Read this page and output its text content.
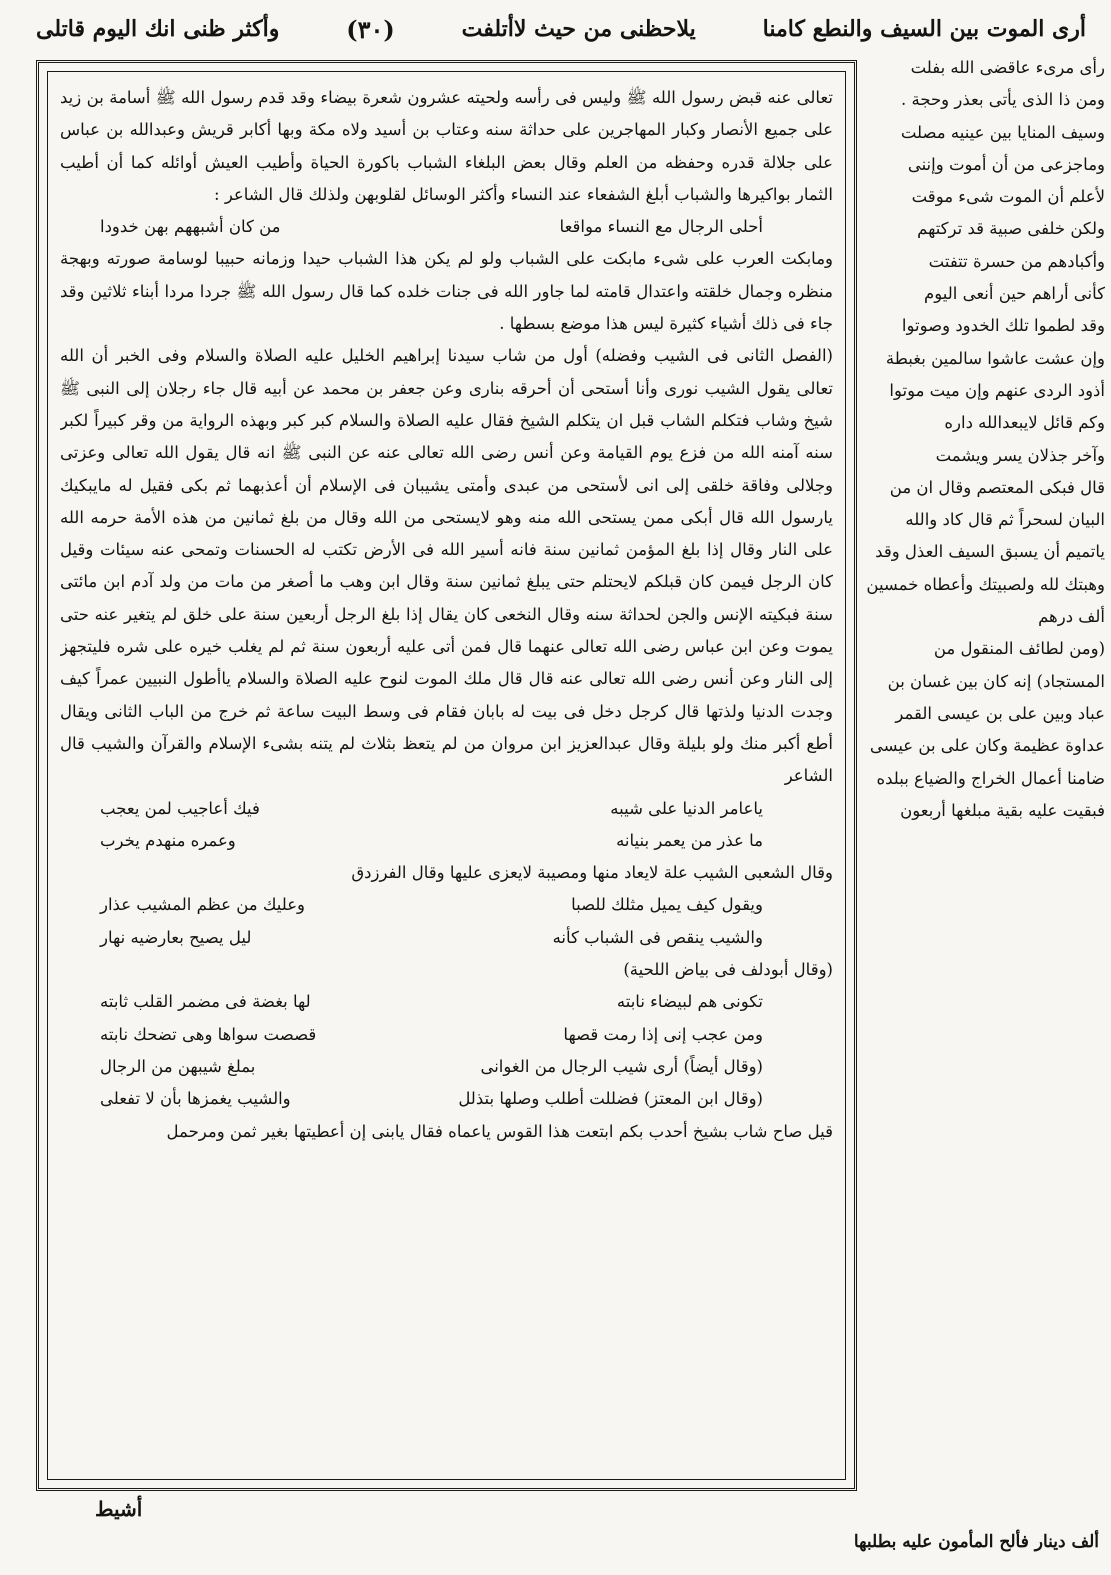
أرى الموت بين السيف والنطع كامنا
يلاحظنى من حيث لاأتلفت
(٣٠)
وأكثر ظنى انك اليوم قاتلى

رأى مرىء عاقضى الله بفلت

ومن ذا الذى يأتى بعذر وحجة .

وسيف المنايا بين عينيه مصلت

وماجزعى من أن أموت وإننى

لأعلم أن الموت شىء موقت

ولكن خلفى صبية قد تركتهم

وأكبادهم من حسرة تتفتت

كأنى أراهم حين أنعى اليوم

وقد لطموا تلك الخدود وصوتوا

وإن عشت عاشوا سالمين بغبطة

أذود الردى عنهم وإن ميت موتوا

وكم قائل لايبعدالله داره

وآخر جذلان يسر ويشمت

قال فبكى المعتصم وقال ان من البيان لسحراً ثم قال كاد والله ياتميم أن يسبق السيف العذل وقد وهبتك لله ولصبيتك وأعطاه خمسين ألف درهم

(ومن لطائف المنقول من المستجاد) إنه كان بين غسان بن عباد وبين على بن عيسى القمر عداوة عظيمة وكان على بن عيسى ضامنا أعمال الخراج والضياع ببلده فبقيت عليه بقية مبلغها أربعون

تعالى عنه قبض رسول الله ﷺ وليس فى رأسه ولحيته عشرون شعرة بيضاء وقد قدم رسول الله ﷺ أسامة بن زيد على جميع الأنصار وكبار المهاجرين على حداثة سنه وعتاب بن أسيد ولاه مكة وبها أكابر قريش وعبدالله بن عباس على جلالة قدره وحفظه من العلم وقال بعض البلغاء الشباب باكورة الحياة وأطيب العيش أوائله كما أن أطيب الثمار بواكيرها والشباب أبلغ الشفعاء عند النساء وأكثر الوسائل لقلوبهن ولذلك قال الشاعر :

أحلى الرجال مع النساء مواقعا
من كان أشبههم بهن خدودا

ومابكت العرب على شىء مابكت على الشباب ولو لم يكن هذا الشباب حيدا وزمانه حبيبا لوسامة صورته وبهجة منظره وجمال خلقته واعتدال قامته لما جاور الله فى جنات خلده كما قال رسول الله ﷺ جردا مردا أبناء ثلاثين وقد جاء فى ذلك أشياء كثيرة ليس هذا موضع بسطها .

(الفصل الثانى فى الشيب وفضله) أول من شاب سيدنا إبراهيم الخليل عليه الصلاة والسلام وفى الخبر أن الله تعالى يقول الشيب نورى وأنا أستحى أن أحرقه بنارى وعن جعفر بن محمد عن أبيه قال جاء رجلان إلى النبى ﷺ شيخ وشاب فتكلم الشاب قبل ان يتكلم الشيخ فقال عليه الصلاة والسلام كبر كبر وبهذه الرواية من وقر كبيراً لكبر سنه آمنه الله من فزع يوم القيامة وعن أنس رضى الله تعالى عنه عن النبى ﷺ انه قال يقول الله تعالى وعزتى وجلالى وفاقة خلقى إلى انى لأستحى من عبدى وأمتى يشيبان فى الإسلام أن أعذبهما ثم بكى فقيل له مايبكيك يارسول الله قال أبكى ممن يستحى الله منه وهو لايستحى من الله وقال من بلغ ثمانين من هذه الأمة حرمه الله على النار وقال إذا بلغ المؤمن ثمانين سنة فانه أسير الله فى الأرض تكتب له الحسنات وتمحى عنه سيئات وقيل كان الرجل فيمن كان قبلكم لايحتلم حتى يبلغ ثمانين سنة وقال ابن وهب ما أصغر من مات من ولد آدم ابن مائتى سنة فبكيته الإنس والجن لحداثة سنه وقال النخعى كان يقال إذا بلغ الرجل أربعين سنة على خلق لم يتغير عنه حتى يموت وعن ابن عباس رضى الله تعالى عنهما قال فمن أتى عليه أربعون سنة ثم لم يغلب خيره على شره فليتجهز إلى النار وعن أنس رضى الله تعالى عنه قال قال ملك الموت لنوح عليه الصلاة والسلام ياأطول النبيين عمراً كيف وجدت الدنيا ولذتها قال كرجل دخل فى بيت له بابان فقام فى وسط البيت ساعة ثم خرج من الباب الثانى ويقال أطع أكبر منك ولو بليلة وقال عبدالعزيز ابن مروان من لم يتعظ بثلاث لم يتنه بشىء الإسلام والقرآن والشيب قال الشاعر

ياعامر الدنيا على شيبه
فيك أعاجيب لمن يعجب
ما عذر من يعمر بنيانه
وعمره منهدم يخرب

وقال الشعبى الشيب علة لايعاد منها ومصيبة لايعزى عليها وقال الفرزدق

ويقول كيف يميل مثلك للصبا
وعليك من عظم المشيب عذار
والشيب ينقص فى الشباب كأنه
ليل يصيح بعارضيه نهار

(وقال أبودلف فى بياض اللحية)

تكونى هم لبيضاء نابته
لها بغضة فى مضمر القلب ثابته
ومن عجب إنى إذا رمت قصها
قصصت سواها وهى تضحك نابته
(وقال أيضاً) أرى شيب الرجال من الغوانى
بملغ شيبهن من الرجال
(وقال ابن المعتز) فضللت أطلب وصلها بتذلل
والشيب يغمزها بأن لا تفعلى

قيل صاح شاب بشيخ أحدب بكم ابتعت هذا القوس ياعماه فقال يابنى إن أعطيتها بغير ثمن ومرحمل

ألف دينار فألح المأمون عليه بطلبها
أشيط
